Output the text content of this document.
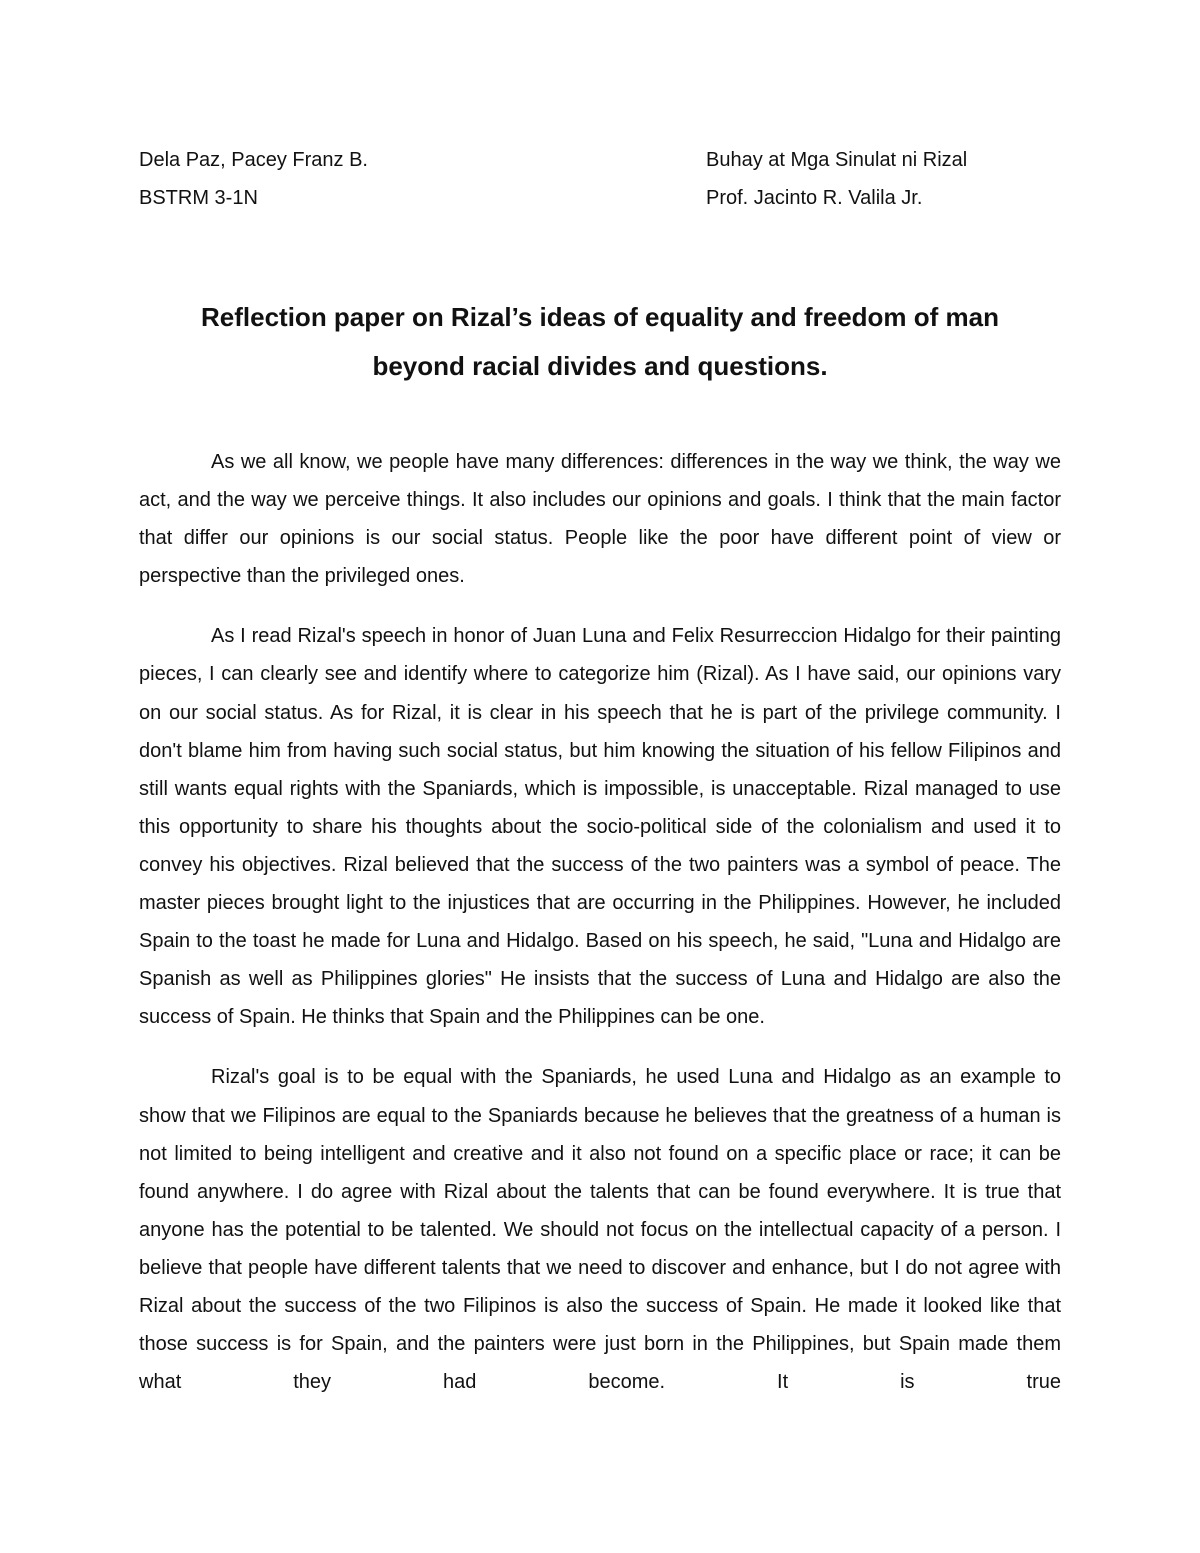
Dela Paz, Pacey Franz B.
BSTRM 3-1N
Buhay at Mga Sinulat ni Rizal
Prof. Jacinto R. Valila Jr.
Reflection paper on Rizal’s ideas of equality and freedom of man
beyond racial divides and questions.

As we all know, we people have many differences: differences in the way we think, the way we act, and the way we perceive things. It also includes our opinions and goals. I think that the main factor that differ our opinions is our social status. People like the poor have different point of view or perspective than the privileged ones.

As I read Rizal's speech in honor of Juan Luna and Felix Resurreccion Hidalgo for their painting pieces, I can clearly see and identify where to categorize him (Rizal). As I have said, our opinions vary on our social status. As for Rizal, it is clear in his speech that he is part of the privilege community. I don't blame him from having such social status, but him knowing the situation of his fellow Filipinos and still wants equal rights with the Spaniards, which is impossible, is unacceptable. Rizal managed to use this opportunity to share his thoughts about the socio-political side of the colonialism and used it to convey his objectives. Rizal believed that the success of the two painters was a symbol of peace. The master pieces brought light to the injustices that are occurring in the Philippines. However, he included Spain to the toast he made for Luna and Hidalgo. Based on his speech, he said, "Luna and Hidalgo are Spanish as well as Philippines glories" He insists that the success of Luna and Hidalgo are also the success of Spain. He thinks that Spain and the Philippines can be one.

Rizal's goal is to be equal with the Spaniards, he used Luna and Hidalgo as an example to show that we Filipinos are equal to the Spaniards because he believes that the greatness of a human is not limited to being intelligent and creative and it also not found on a specific place or race; it can be found anywhere. I do agree with Rizal about the talents that can be found everywhere. It is true that anyone has the potential to be talented. We should not focus on the intellectual capacity of a person. I believe that people have different talents that we need to discover and enhance, but I do not agree with Rizal about the success of the two Filipinos is also the success of Spain. He made it looked like that those success is for Spain, and the painters were just born in the Philippines, but Spain made them what they had become. It is true
